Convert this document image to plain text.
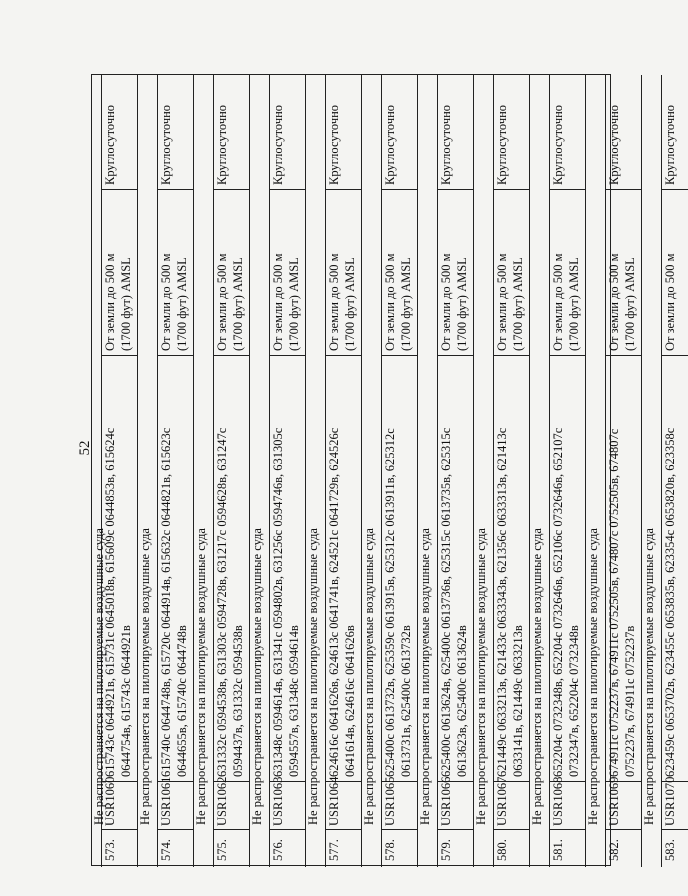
52
Не распространяется на пилотируемые воздушные суда
573.
USR1060
615743с 0644921в, 615731с 0645018в, 615609с 0644853в, 615624с 0644754в, 615743с 0644921в

От земли до 500 м (1700 фут) AMSL

Круглосуточно
Не распространяется на пилотируемые воздушные суда
574.
USR1061
615740с 0644748в, 615720с 0644914в, 615632с 0644821в, 615623с 0644655в, 615740с 0644748в

От земли до 500 м (1700 фут) AMSL

Круглосуточно
Не распространяется на пилотируемые воздушные суда
575.
USR1062
631332с 0594538в, 631303с 0594728в, 631217с 0594628в, 631247с 0594437в, 631332с 0594538в

От земли до 500 м (1700 фут) AMSL

Круглосуточно
Не распространяется на пилотируемые воздушные суда
576.
USR1063
631348с 0594614в, 631341с 0594802в, 631256с 0594746в, 631305с 0594557в, 631348с 0594614в

От земли до 500 м (1700 фут) AMSL

Круглосуточно
Не распространяется на пилотируемые воздушные суда
577.
USR1064
624616с 0641626в, 624613с 0641741в, 624521с 0641729в, 624526с 0641614в, 624616с 0641626в

От земли до 500 м (1700 фут) AMSL

Круглосуточно
Не распространяется на пилотируемые воздушные суда
578.
USR1065
625400с 0613732в, 625359с 0613915в, 625312с 0613911в, 625312с 0613731в, 625400с 0613732в

От земли до 500 м (1700 фут) AMSL

Круглосуточно
Не распространяется на пилотируемые воздушные суда
579.
USR1066
625400с 0613624в, 625400с 0613736в, 625315с 0613735в, 625315с 0613623в, 625400с 0613624в

От земли до 500 м (1700 фут) AMSL

Круглосуточно
Не распространяется на пилотируемые воздушные суда
580.
USR1067
621449с 0633213в, 621433с 0633343в, 621356с 0633313в, 621413с 0633141в, 621449с 0633213в

От земли до 500 м (1700 фут) AMSL

Круглосуточно
Не распространяется на пилотируемые воздушные суда
581.
USR1068
652204с 0732348в, 652204с 0732646в, 652106с 0732646в, 652107с 0732347в, 652204с 0732348в

От земли до 500 м (1700 фут) AMSL

Круглосуточно
Не распространяется на пилотируемые воздушные суда
582.
USR1069
674911с 0752237в, 674911с 0752505в, 674807с 0752505в, 674807с 0752237в, 674911с 0752237в

От земли до 500 м (1700 фут) AMSL

Круглосуточно
Не распространяется на пилотируемые воздушные суда
583.
USR1070
623459с 0653702в, 623455с 0653835в, 623354с 0653820в, 623358с

От земли до 500 м

Круглосуточно
